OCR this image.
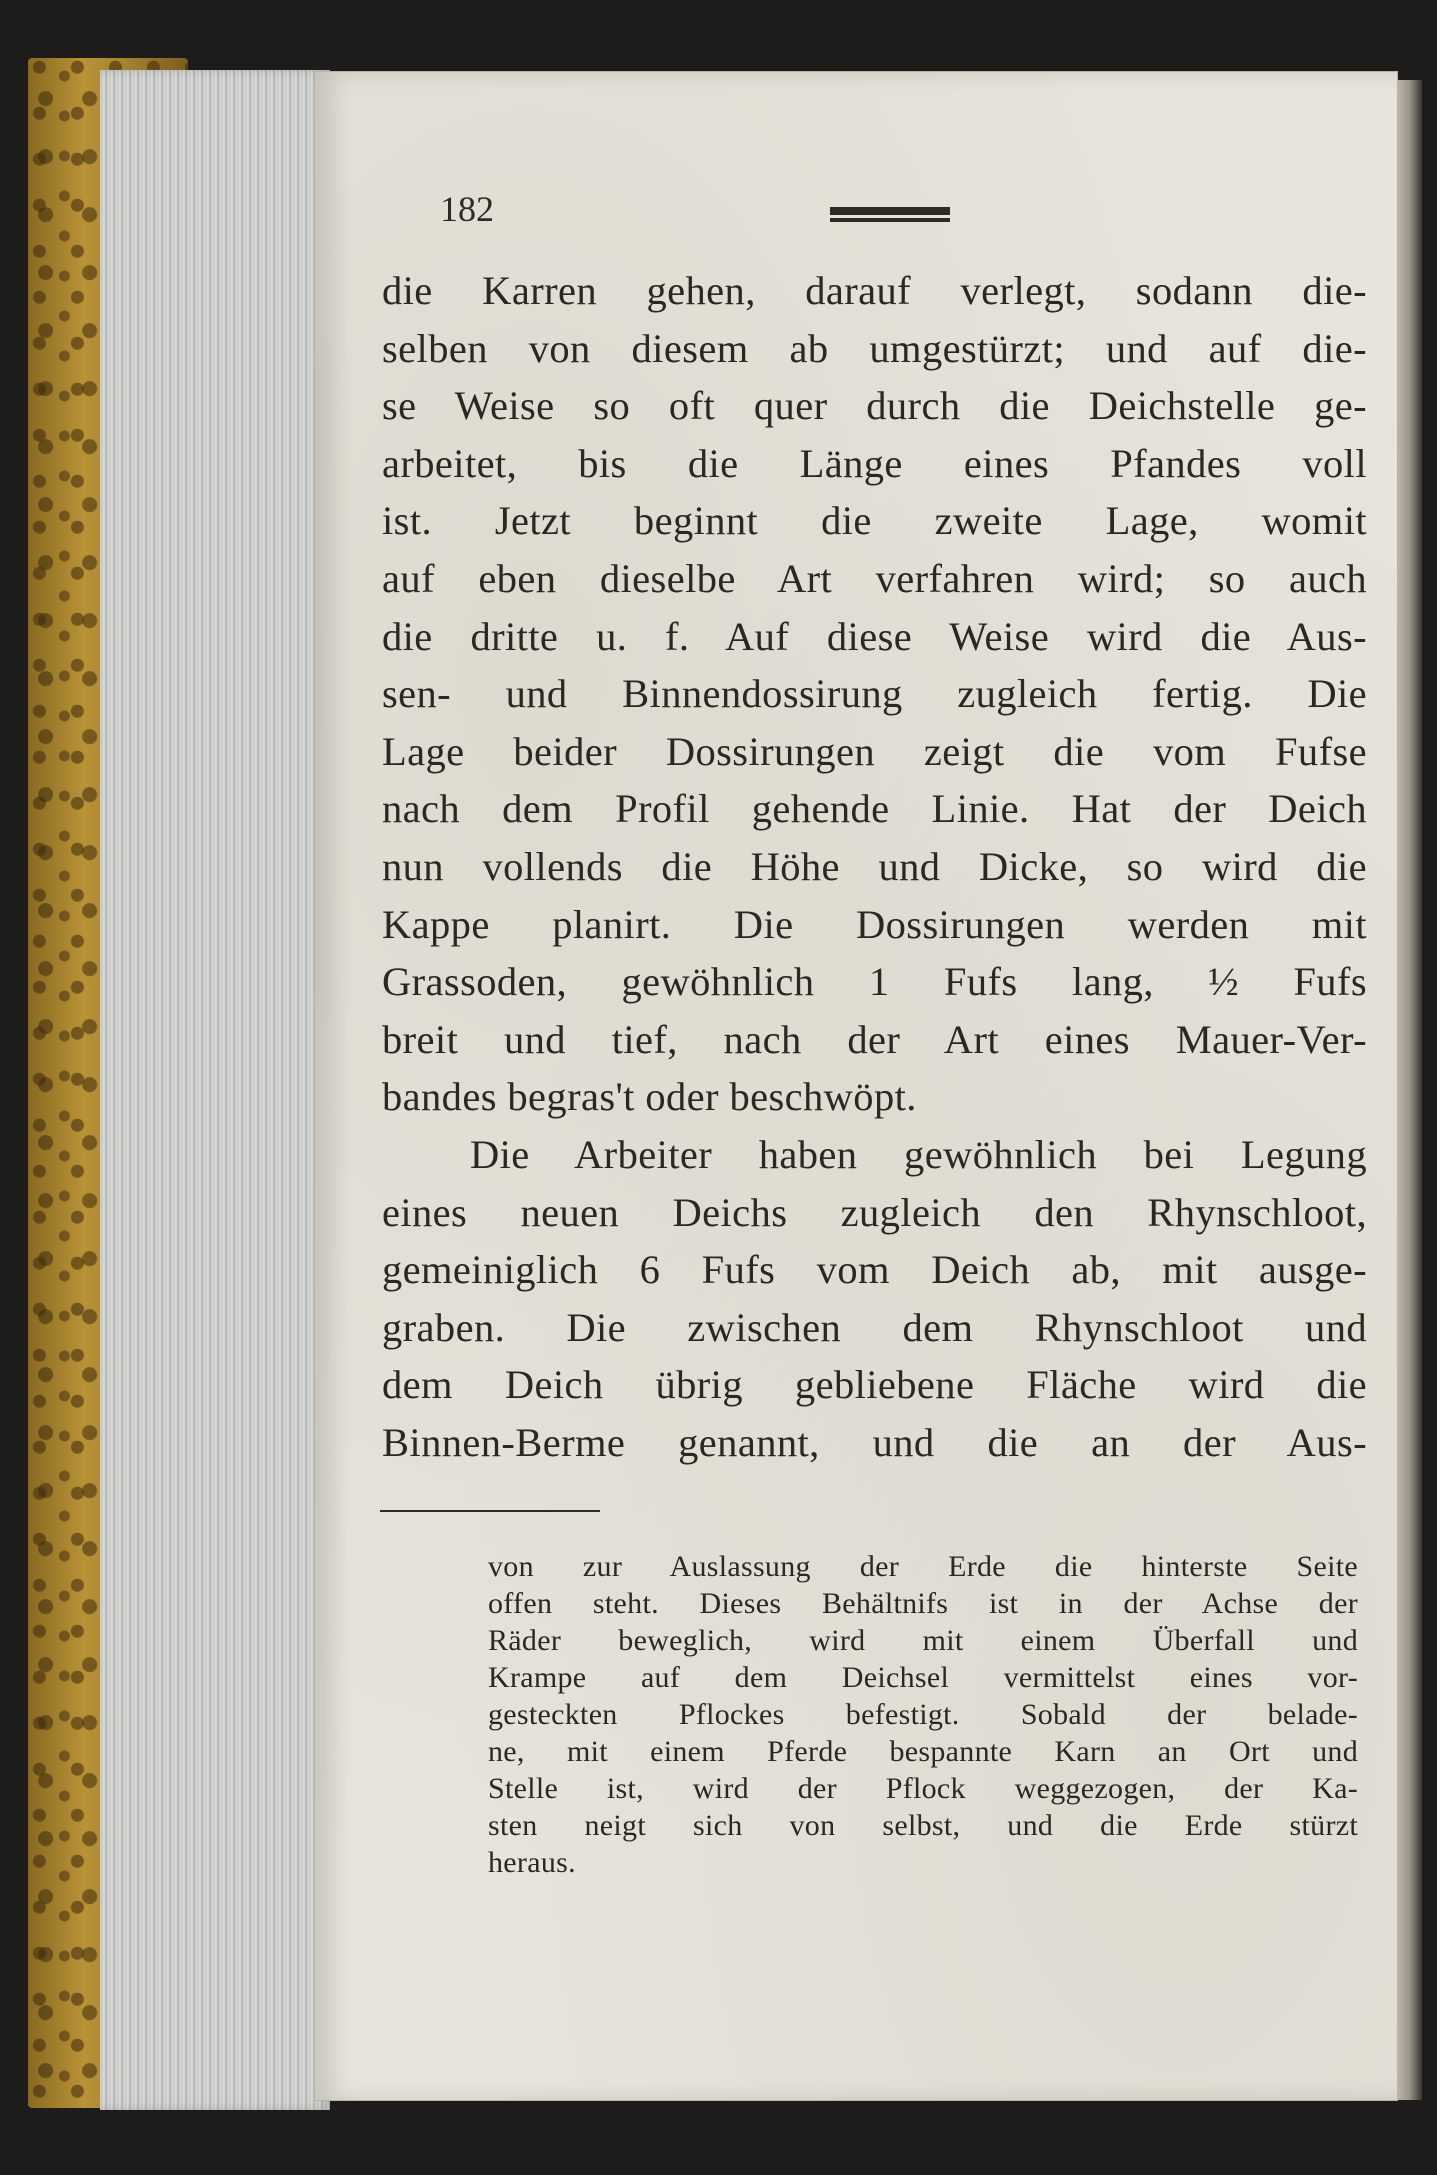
182
die Karren gehen, darauf verlegt, sodann die-
selben von diesem ab umgestürzt; und auf die-
se Weise so oft quer durch die Deichstelle ge-
arbeitet, bis die Länge eines Pfandes voll
ist. Jetzt beginnt die zweite Lage, womit
auf eben dieselbe Art verfahren wird; so auch
die dritte u. f. Auf diese Weise wird die Aus-
sen- und Binnendossirung zugleich fertig. Die
Lage beider Dossirungen zeigt die vom Fufse
nach dem Profil gehende Linie. Hat der Deich
nun vollends die Höhe und Dicke, so wird die
Kappe planirt. Die Dossirungen werden mit
Grassoden, gewöhnlich 1 Fufs lang, ½ Fufs
breit und tief, nach der Art eines Mauer-Ver-
bandes begras't oder beschwöpt.
Die Arbeiter haben gewöhnlich bei Legung
eines neuen Deichs zugleich den Rhynschloot,
gemeiniglich 6 Fufs vom Deich ab, mit ausge-
graben. Die zwischen dem Rhynschloot und
dem Deich übrig gebliebene Fläche wird die
Binnen-Berme genannt, und die an der Aus-
von zur Auslassung der Erde die hinterste Seite
offen steht. Dieses Behältnifs ist in der Achse der
Räder beweglich, wird mit einem Überfall und
Krampe auf dem Deichsel vermittelst eines vor-
gesteckten Pflockes befestigt. Sobald der belade-
ne, mit einem Pferde bespannte Karn an Ort und
Stelle ist, wird der Pflock weggezogen, der Ka-
sten neigt sich von selbst, und die Erde stürzt
heraus.
